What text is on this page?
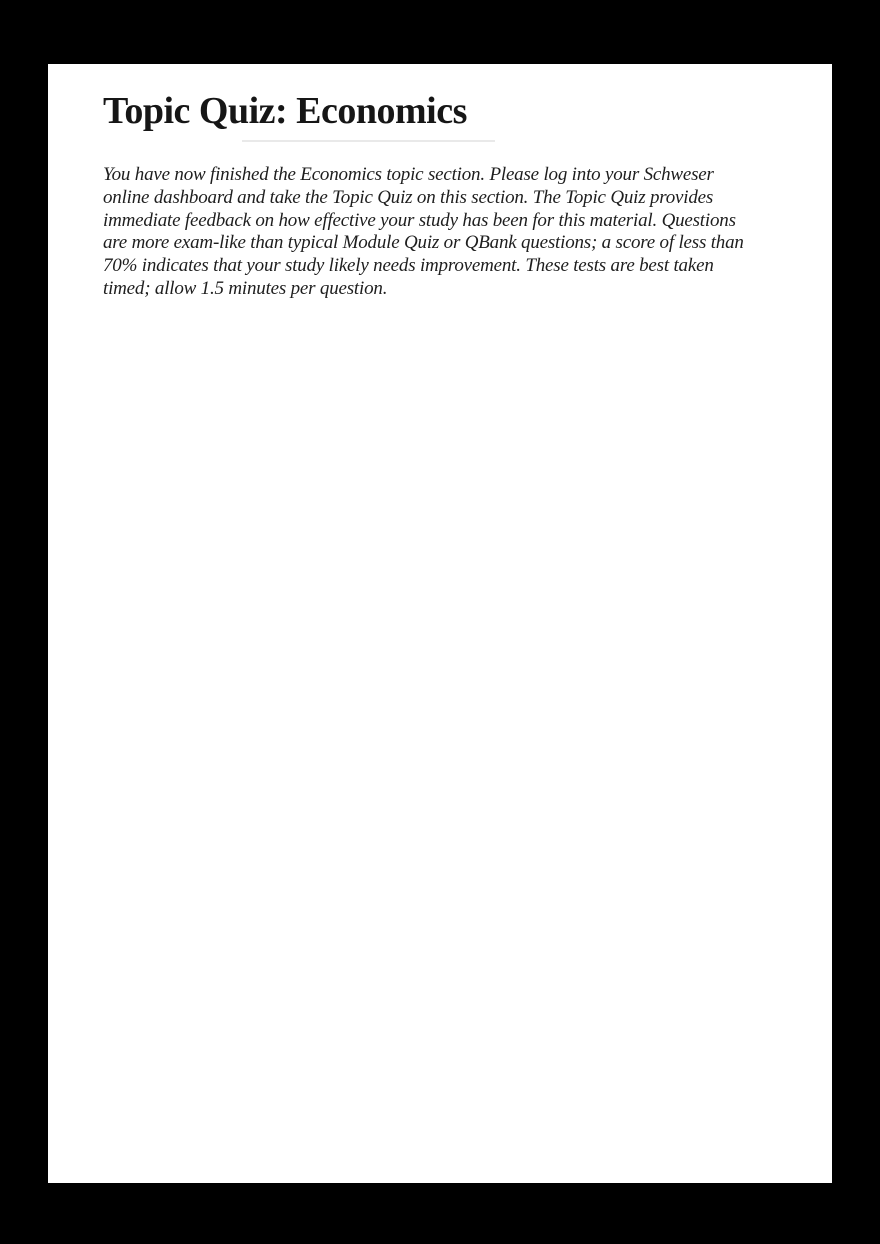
Topic Quiz: Economics
You have now finished the Economics topic section. Please log into your Schweser
online dashboard and take the Topic Quiz on this section. The Topic Quiz provides
immediate feedback on how effective your study has been for this material. Questions
are more exam-like than typical Module Quiz or QBank questions; a score of less than
70% indicates that your study likely needs improvement. These tests are best taken
timed; allow 1.5 minutes per question.
